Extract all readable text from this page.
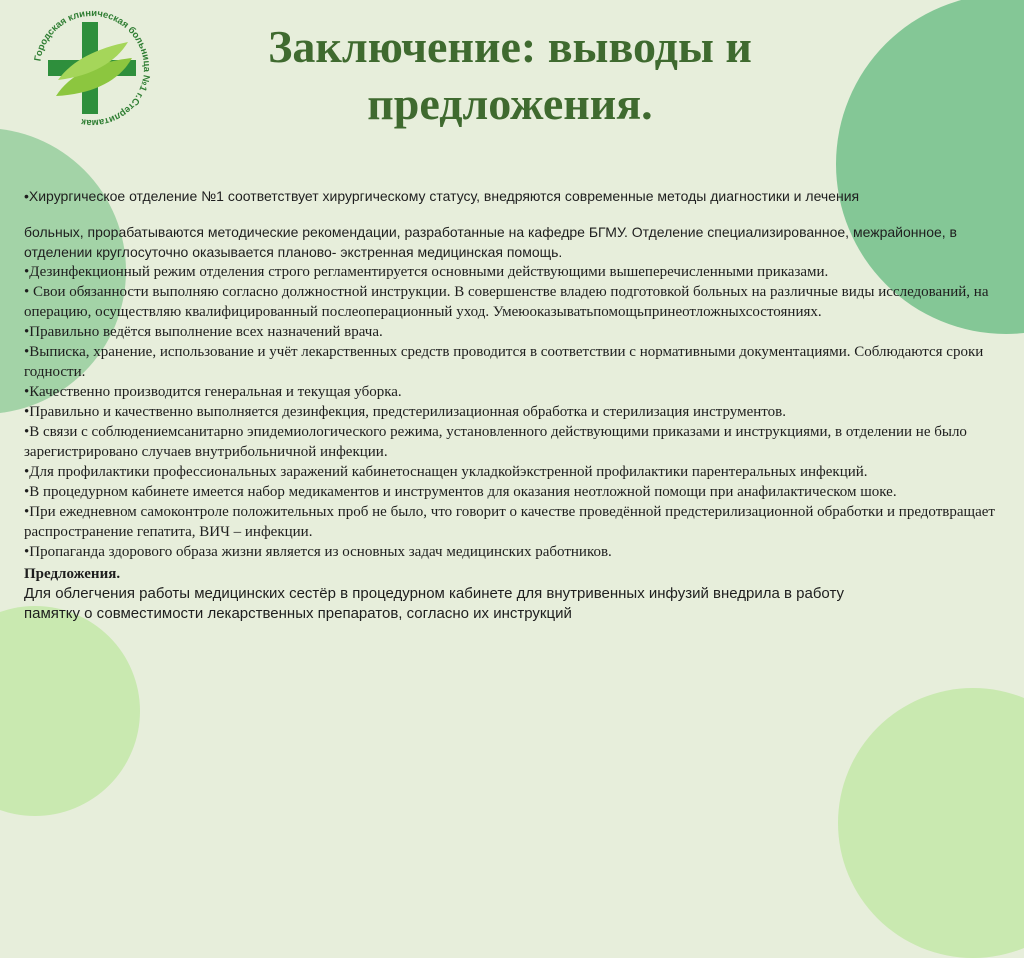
Городская клиническая больница №1 г.Стерлитамак
Заключение: выводы и
предложения.

•Хирургическое отделение №1 соответствует хирургическому статусу, внедряются современные методы диагностики и лечения

больных, прорабатываются методические рекомендации, разработанные на кафедре БГМУ. Отделение специализированное, межрайонное, в отделении круглосуточно оказывается планово- экстренная медицинская помощь.

•Дезинфекционный режим отделения строго регламентируется основными действующими вышеперечисленными приказами.

• Свои обязанности выполняю согласно должностной инструкции. В совершенстве владею подготовкой больных на различные виды исследований, на операцию, осуществляю квалифицированный послеоперационный уход. Умеюоказыватьпомощьпринеотложныхсостояниях.

•Правильно ведётся выполнение всех назначений врача.

•Выписка, хранение, использование и учёт лекарственных средств проводится в соответствии с нормативными документациями. Соблюдаются сроки годности.

•Качественно производится генеральная и текущая уборка.

•Правильно и качественно выполняется дезинфекция, предстерилизационная обработка и стерилизация инструментов.

•В связи с соблюдениемсанитарно эпидемиологического режима, установленного действующими приказами и инструкциями, в отделении не было зарегистрировано случаев внутрибольничной инфекции.

•Для профилактики профессиональных заражений кабинетоснащен укладкойэкстренной профилактики парентеральных инфекций.

•В процедурном кабинете имеется набор медикаментов и инструментов для оказания неотложной помощи при анафилактическом шоке.

•При ежедневном самоконтроле положительных проб не было, что говорит о качестве проведённой предстерилизационной обработки и предотвращает распространение гепатита, ВИЧ – инфекции.

•Пропаганда здорового образа жизни является из основных задач медицинских работников.

Предложения.

Для облегчения работы медицинских сестёр в процедурном кабинете для внутривенных инфузий внедрила в работу

памятку о совместимости лекарственных препаратов, согласно их инструкций
